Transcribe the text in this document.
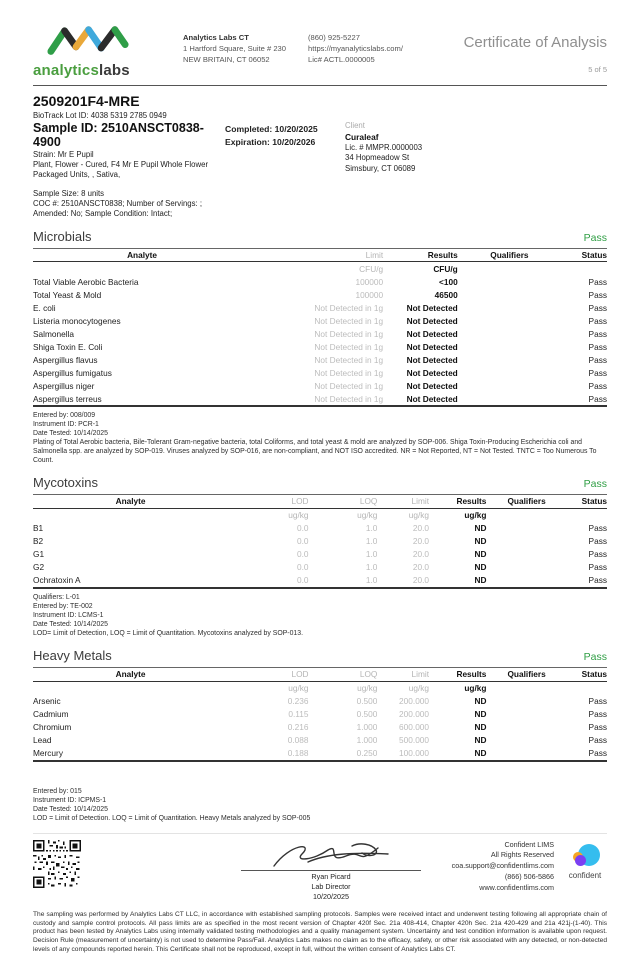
analyticslabs
Analytics Labs CT
1 Hartford Square, Suite # 230
NEW BRITAIN, CT 06052
(860) 925-5227
https://myanalyticslabs.com/
Lic# ACTL.0000005
Certificate of Analysis
5 of 5
2509201F4-MRE
BioTrack Lot ID: 4038 5319 2785 0949
Sample ID: 2510ANSCT0838-4900
Strain: Mr E Pupil
Plant, Flower - Cured, F4 Mr E Pupil Whole Flower
Packaged Units, , Sativa,
Sample Size: 8 units
COC #: 2510ANSCT0838; Number of Servings: ; Amended: No; Sample Condition: Intact;
Completed: 10/20/2025
Expiration: 10/20/2026
Client
Curaleaf
Lic. # MMPR.0000003
34 Hopmeadow St
Simsbury, CT 06089
Microbials	Pass
Analyte	Limit	Results	Qualifiers	Status
	CFU/g	CFU/g		
Total Viable Aerobic Bacteria	100000	<100		Pass
Total Yeast & Mold	100000	46500		Pass
E. coli	Not Detected in 1g	Not Detected		Pass
Listeria monocytogenes	Not Detected in 1g	Not Detected		Pass
Salmonella	Not Detected in 1g	Not Detected		Pass
Shiga Toxin E. Coli	Not Detected in 1g	Not Detected		Pass
Aspergillus flavus	Not Detected in 1g	Not Detected		Pass
Aspergillus fumigatus	Not Detected in 1g	Not Detected		Pass
Aspergillus niger	Not Detected in 1g	Not Detected		Pass
Aspergillus terreus	Not Detected in 1g	Not Detected		Pass
Entered by: 008/009
Instrument ID: PCR-1
Date Tested: 10/14/2025
Plating of Total Aerobic bacteria, Bile-Tolerant Gram-negative bacteria, total Coliforms, and total yeast & mold are analyzed by SOP-006. Shiga Toxin-Producing Escherichia coli and Salmonella spp. are analyzed by SOP-019. Viruses analyzed by SOP-016, are non-compliant, and NOT ISO accredited. NR = Not Reported, NT = Not Tested. TNTC = Too Numerous To Count.
Mycotoxins	Pass
Analyte	LOD	LOQ	Limit	Results	Qualifiers	Status
	ug/kg	ug/kg	ug/kg	ug/kg		
B1	0.0	1.0	20.0	ND		Pass
B2	0.0	1.0	20.0	ND		Pass
G1	0.0	1.0	20.0	ND		Pass
G2	0.0	1.0	20.0	ND		Pass
Ochratoxin A	0.0	1.0	20.0	ND		Pass
Qualifiers: L-01
Entered by: TE-002
Instrument ID: LCMS-1
Date Tested: 10/14/2025
LOD= Limit of Detection, LOQ = Limit of Quantitation. Mycotoxins analyzed by SOP-013.
Heavy Metals	Pass
Analyte	LOD	LOQ	Limit	Results	Qualifiers	Status
	ug/kg	ug/kg	ug/kg	ug/kg		
Arsenic	0.236	0.500	200.000	ND		Pass
Cadmium	0.115	0.500	200.000	ND		Pass
Chromium	0.216	1.000	600.000	ND		Pass
Lead	0.088	1.000	500.000	ND		Pass
Mercury	0.188	0.250	100.000	ND		Pass
Entered by: 015
Instrument ID: ICPMS-1
Date Tested: 10/14/2025
LOD = Limit of Detection. LOQ = Limit of Quantitation. Heavy Metals analyzed by SOP-005
Ryan Picard
Lab Director
10/20/2025
Confident LIMS
All Rights Reserved
coa.support@confidentlims.com
(866) 506-5866
www.confidentlims.com
confident
The sampling was performed by Analytics Labs CT LLC, in accordance with established sampling protocols. Samples were received intact and underwent testing following all appropriate chain of custody and sample control protocols. All pass limits are as specified in the most recent version of Chapter 420f Sec. 21a 408-414, Chapter 420h Sec. 21a 420-429 and 21a 421j-(1-40). This product has been tested by Analytics Labs using internally validated testing methodologies and a quality management system. Uncertainty and test condition information is available upon request. Decision Rule (measurement of uncertainty) is not used to determine Pass/Fail. Analytics Labs makes no claim as to the efficacy, safety, or other risk associated with any detected, or non-detected levels of any compounds reported herein. This Certificate shall not be reproduced, except in full, without the written consent of Analytics Labs CT.
